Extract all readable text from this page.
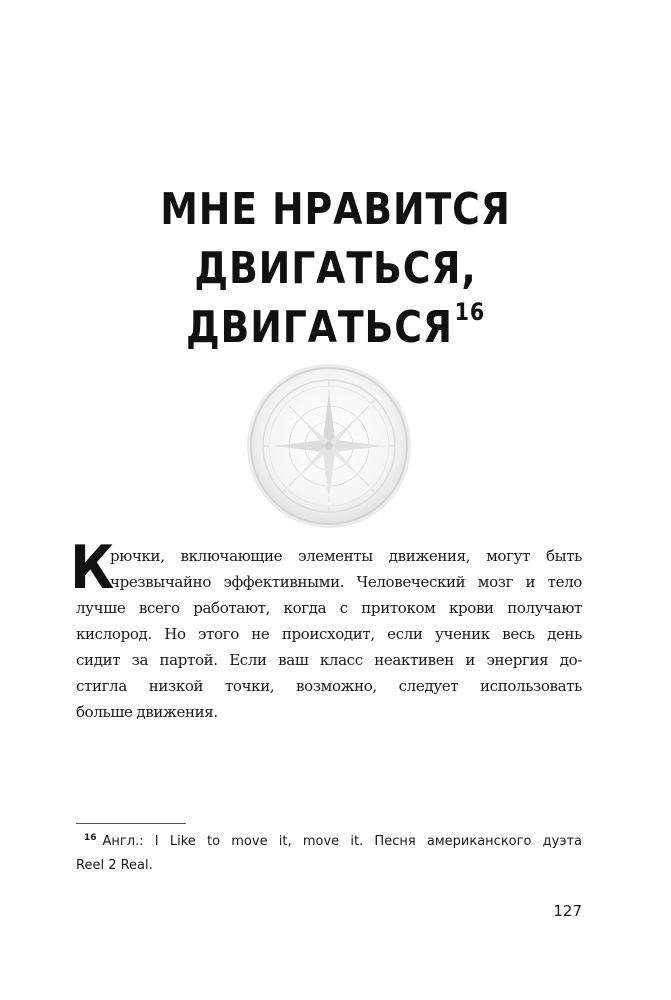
МНЕ НРАВИТСЯ
ДВИГАТЬСЯ,
ДВИГАТЬСЯ$^{16}$
К
рючки, включающие элементы движения, могут быть
чрезвычайно эффективными. Человеческий мозг и тело
лучше всего работают, когда с притоком крови получают
кислород. Но этого не происходит, если ученик весь день
сидит за партой. Если ваш класс неактивен и энергия до-
стигла низкой точки, возможно, следует использовать
больше движения.
$^{16}$ Англ.: I Like to move it, move it. Песня американского дуэта
Reel 2 Real.
127
